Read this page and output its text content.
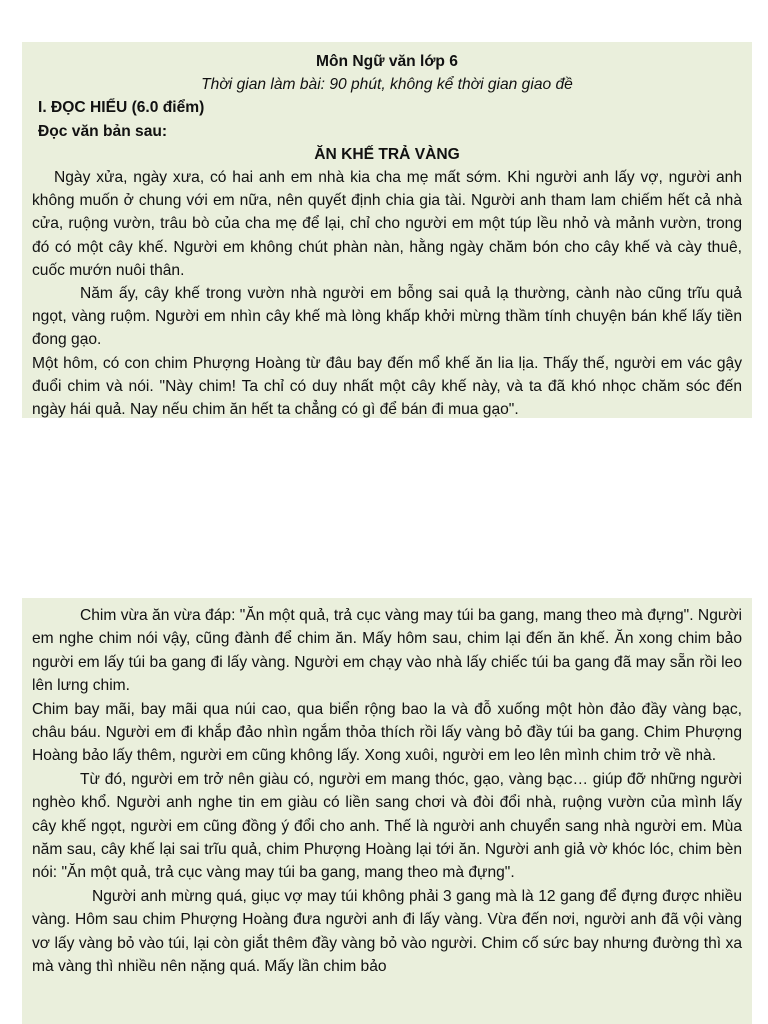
Môn Ngữ văn lớp 6

Thời gian làm bài: 90 phút, không kể thời gian giao đề

I. ĐỌC HIỂU (6.0 điểm)

Đọc văn bản sau:

ĂN KHẾ TRẢ VÀNG

Ngày xửa, ngày xưa, có hai anh em nhà kia cha mẹ mất sớm. Khi người anh lấy vợ, người anh không muốn ở chung với em nữa, nên quyết định chia gia tài. Người anh tham lam chiếm hết cả nhà cửa, ruộng vườn, trâu bò của cha mẹ để lại, chỉ cho người em một túp lều nhỏ và mảnh vườn, trong đó có một cây khế. Người em không chút phàn nàn, hằng ngày chăm bón cho cây khế và cày thuê, cuốc mướn nuôi thân.

Năm ấy, cây khế trong vườn nhà người em bỗng sai quả lạ thường, cành nào cũng trĩu quả ngọt, vàng ruộm. Người em nhìn cây khế mà lòng khấp khởi mừng thầm tính chuyện bán khế lấy tiền đong gạo.

Một hôm, có con chim Phượng Hoàng từ đâu bay đến mổ khế ăn lia lịa. Thấy thế, người em vác gậy đuổi chim và nói. "Này chim! Ta chỉ có duy nhất một cây khế này, và ta đã khó nhọc chăm sóc đến ngày hái quả. Nay nếu chim ăn hết ta chẳng có gì để bán đi mua gạo".

Chim vừa ăn vừa đáp: "Ăn một quả, trả cục vàng may túi ba gang, mang theo mà đựng". Người em nghe chim nói vậy, cũng đành để chim ăn. Mấy hôm sau, chim lại đến ăn khế. Ăn xong chim bảo người em lấy túi ba gang đi lấy vàng. Người em chạy vào nhà lấy chiếc túi ba gang đã may sẵn rồi leo lên lưng chim.

Chim bay mãi, bay mãi qua núi cao, qua biển rộng bao la và đỗ xuống một hòn đảo đầy vàng bạc, châu báu. Người em đi khắp đảo nhìn ngắm thỏa thích rồi lấy vàng bỏ đầy túi ba gang. Chim Phượng Hoàng bảo lấy thêm, người em cũng không lấy. Xong xuôi, người em leo lên mình chim trở về nhà.

Từ đó, người em trở nên giàu có, người em mang thóc, gạo, vàng bạc… giúp đỡ những người nghèo khổ. Người anh nghe tin em giàu có liền sang chơi và đòi đổi nhà, ruộng vườn của mình lấy cây khế ngọt, người em cũng đồng ý đổi cho anh. Thế là người anh chuyển sang nhà người em. Mùa năm sau, cây khế lại sai trĩu quả, chim Phượng Hoàng lại tới ăn. Người anh giả vờ khóc lóc, chim bèn nói: "Ăn một quả, trả cục vàng may túi ba gang, mang theo mà đựng".

Người anh mừng quá, giục vợ may túi không phải 3 gang mà là 12 gang để đựng được nhiều vàng. Hôm sau chim Phượng Hoàng đưa người anh đi lấy vàng. Vừa đến nơi, người anh đã vội vàng vơ lấy vàng bỏ vào túi, lại còn giắt thêm đầy vàng bỏ vào người. Chim cố sức bay nhưng đường thì xa mà vàng thì nhiều nên nặng quá. Mấy lần chim bảo
